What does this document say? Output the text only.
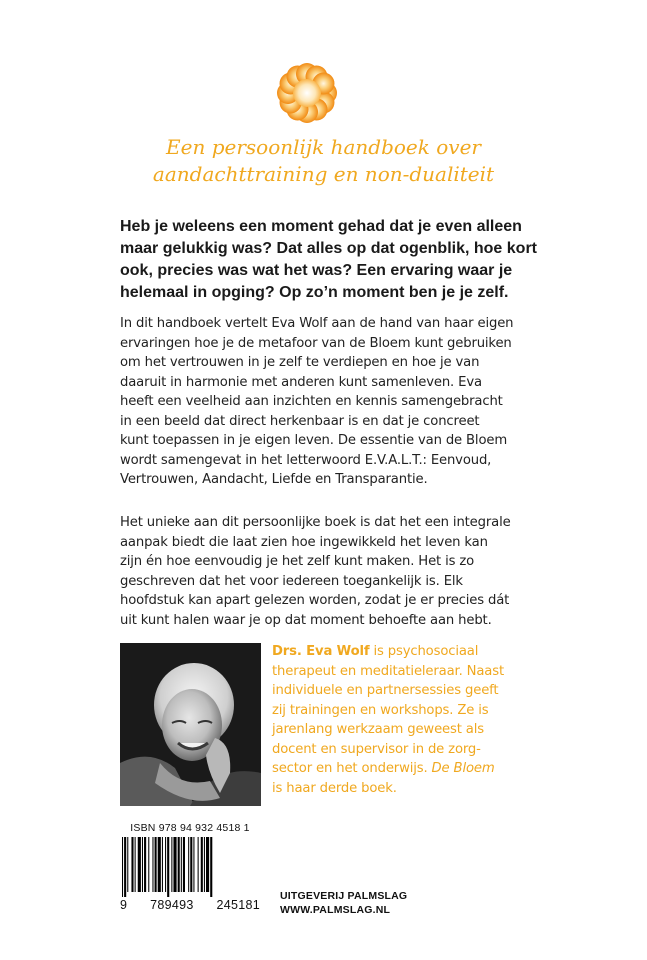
Een persoonlijk handboek over
aandachttraining en non-dualiteit
Heb je weleens een moment gehad dat je even alleen
maar gelukkig was? Dat alles op dat ogenblik, hoe kort
ook, precies was wat het was? Een ervaring waar je
helemaal in opging? Op zo’n moment ben je je zelf.
In dit handboek vertelt Eva Wolf aan de hand van haar eigen
ervaringen hoe je de metafoor van de Bloem kunt gebruiken
om het vertrouwen in je zelf te verdiepen en hoe je van
daaruit in harmonie met anderen kunt samenleven. Eva
heeft een veelheid aan inzichten en kennis samengebracht
in een beeld dat direct herkenbaar is en dat je concreet
kunt toepassen in je eigen leven. De essentie van de Bloem
wordt samengevat in het letterwoord E.V.A.L.T.: Eenvoud,
Vertrouwen, Aandacht, Liefde en Transparantie.
Het unieke aan dit persoonlijke boek is dat het een integrale
aanpak biedt die laat zien hoe ingewikkeld het leven kan
zijn én hoe eenvoudig je het zelf kunt maken. Het is zo
geschreven dat het voor iedereen toegankelijk is. Elk
hoofdstuk kan apart gelezen worden, zodat je er precies dát
uit kunt halen waar je op dat moment behoefte aan hebt.
Drs. Eva Wolf is psychosociaal
therapeut en meditatieleraar. Naast
individuele en partnersessies geeft
zij trainingen en workshops. Ze is
jarenlang werkzaam geweest als
docent en supervisor in de zorg-
sector en het onderwijs. De Bloem
is haar derde boek.
ISBN 978 94 932 4518 1
9 789493 245181
UITGEVERIJ PALMSLAG
WWW.PALMSLAG.NL
